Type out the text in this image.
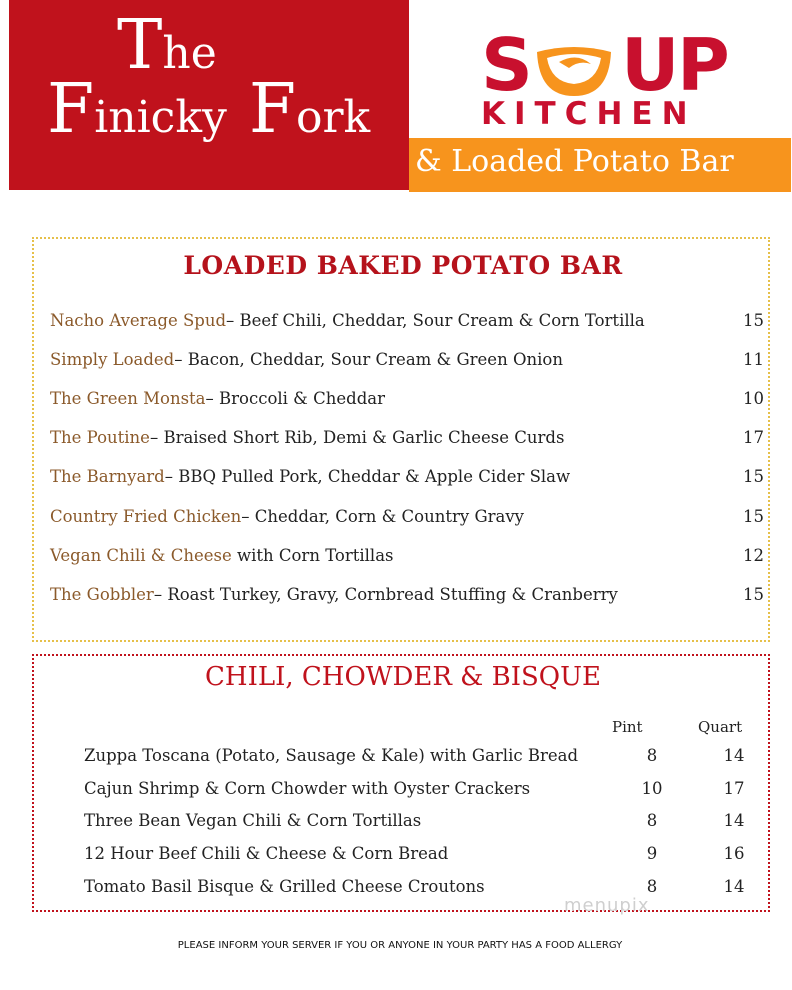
The
Finicky Fork
S U
P
KITCHEN
& Loaded Potato Bar
LOADED BAKED POTATO BAR
Nacho Average Spud– Beef Chili, Cheddar, Sour Cream & Corn Tortilla	15
Simply Loaded– Bacon, Cheddar, Sour Cream & Green Onion	11
The Green Monsta– Broccoli & Cheddar	10
The Poutine– Braised Short Rib, Demi & Garlic Cheese Curds	17
The Barnyard– BBQ Pulled Pork, Cheddar & Apple Cider Slaw	15
Country Fried Chicken– Cheddar, Corn & Country Gravy	15
Vegan Chili & Cheese with Corn Tortillas	12
The Gobbler– Roast Turkey, Gravy, Cornbread Stuffing & Cranberry	15
CHILI, CHOWDER & BISQUE
Pint	Quart
Zuppa Toscana (Potato, Sausage & Kale) with Garlic Bread	8	14
Cajun Shrimp & Corn Chowder with Oyster Crackers	10	17
Three Bean Vegan Chili & Corn Tortillas	8	14
12 Hour Beef Chili & Cheese & Corn Bread	9	16
Tomato Basil Bisque & Grilled Cheese Croutons	8	14
menupix
PLEASE INFORM YOUR SERVER IF YOU OR ANYONE IN YOUR PARTY HAS A FOOD ALLERGY
